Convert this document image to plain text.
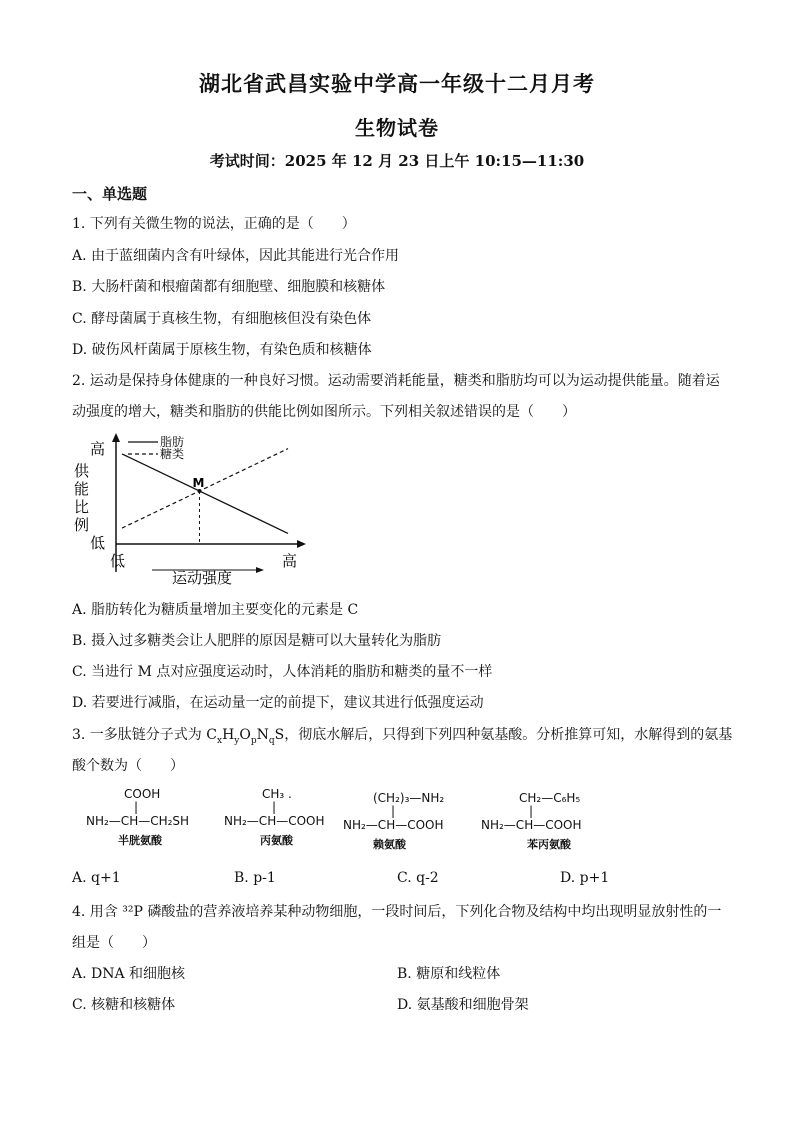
湖北省武昌实验中学高一年级十二月月考
生物试卷
考试时间：2025 年 12 月 23 日上午 10:15—11:30
一、单选题
1. 下列有关微生物的说法，正确的是（　　）
A. 由于蓝细菌内含有叶绿体，因此其能进行光合作用
B. 大肠杆菌和根瘤菌都有细胞壁、细胞膜和核糖体
C. 酵母菌属于真核生物，有细胞核但没有染色体
D. 破伤风杆菌属于原核生物，有染色质和核糖体
2. 运动是保持身体健康的一种良好习惯。运动需要消耗能量，糖类和脂肪均可以为运动提供能量。随着运
动强度的增大，糖类和脂肪的供能比例如图所示。下列相关叙述错误的是（　　）
M
脂肪
糖类
高
供
能
比
例
低
低	高
运动强度
A. 脂肪转化为糖质量增加主要变化的元素是 C
B. 摄入过多糖类会让人肥胖的原因是糖可以大量转化为脂肪
C. 当进行 M 点对应强度运动时，人体消耗的脂肪和糖类的量不一样
D. 若要进行减脂，在运动量一定的前提下，建议其进行低强度运动
3. 一多肽链分子式为 $C_xH_yO_pN_qS$，彻底水解后，只得到下列四种氨基酸。分析推算可知，水解得到的氨基
酸个数为（　　）
COOH
|
NH₂—CH—CH₂SH
半胱氨酸
CH₃ .
|
NH₂—CH—COOH
丙氨酸
(CH₂)₃—NH₂
|
NH₂—CH—COOH
赖氨酸
CH₂—C₆H₅
|
NH₂—CH—COOH
苯丙氨酸
A. q+1	B. p-1	C. q-2	D. p+1
4. 用含 ³²P 磷酸盐的营养液培养某种动物细胞，一段时间后，下列化合物及结构中均出现明显放射性的一
组是（　　）
A. DNA 和细胞核	B. 糖原和线粒体
C. 核糖和核糖体	D. 氨基酸和细胞骨架
